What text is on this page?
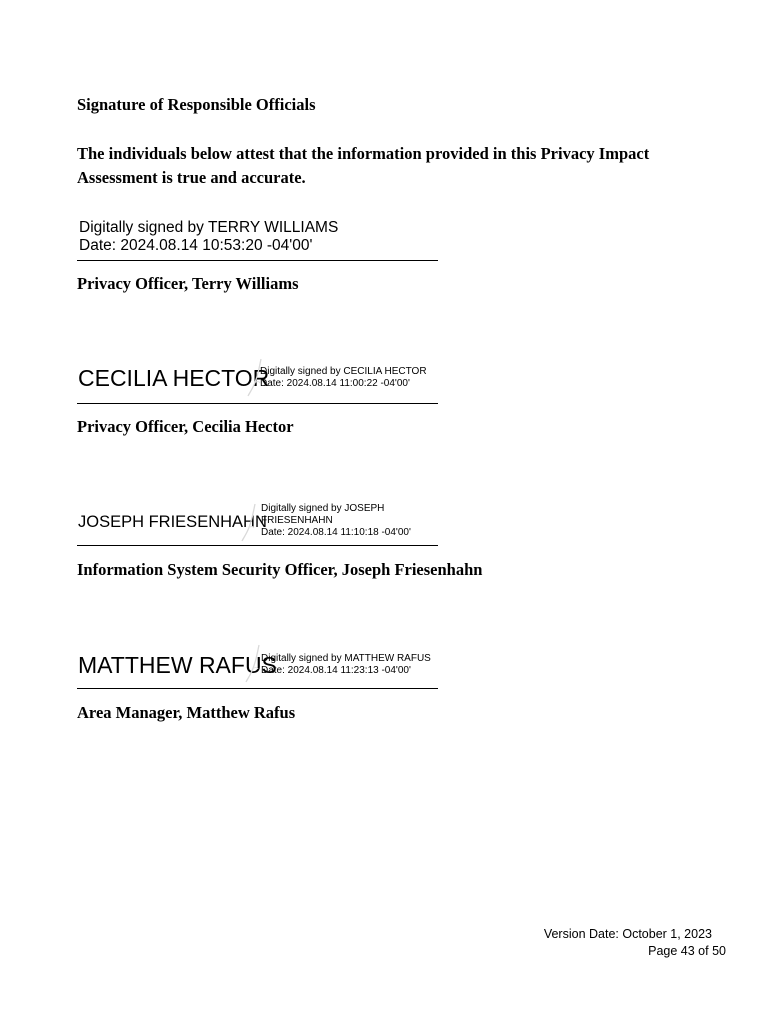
Signature of Responsible Officials
The individuals below attest that the information provided in this Privacy Impact Assessment is true and accurate.
Digitally signed by TERRY WILLIAMS
Date: 2024.08.14 10:53:20 -04'00'
Privacy Officer, Terry Williams
CECILIA HECTOR
Digitally signed by CECILIA HECTOR
Date: 2024.08.14 11:00:22 -04'00'
Privacy Officer, Cecilia Hector
JOSEPH FRIESENHAHN
Digitally signed by JOSEPH
FRIESENHAHN
Date: 2024.08.14 11:10:18 -04'00'
Information System Security Officer, Joseph Friesenhahn
MATTHEW RAFUS
Digitally signed by MATTHEW RAFUS
Date: 2024.08.14 11:23:13 -04'00'
Area Manager, Matthew Rafus
Version Date: October 1, 2023
Page 43 of 50
